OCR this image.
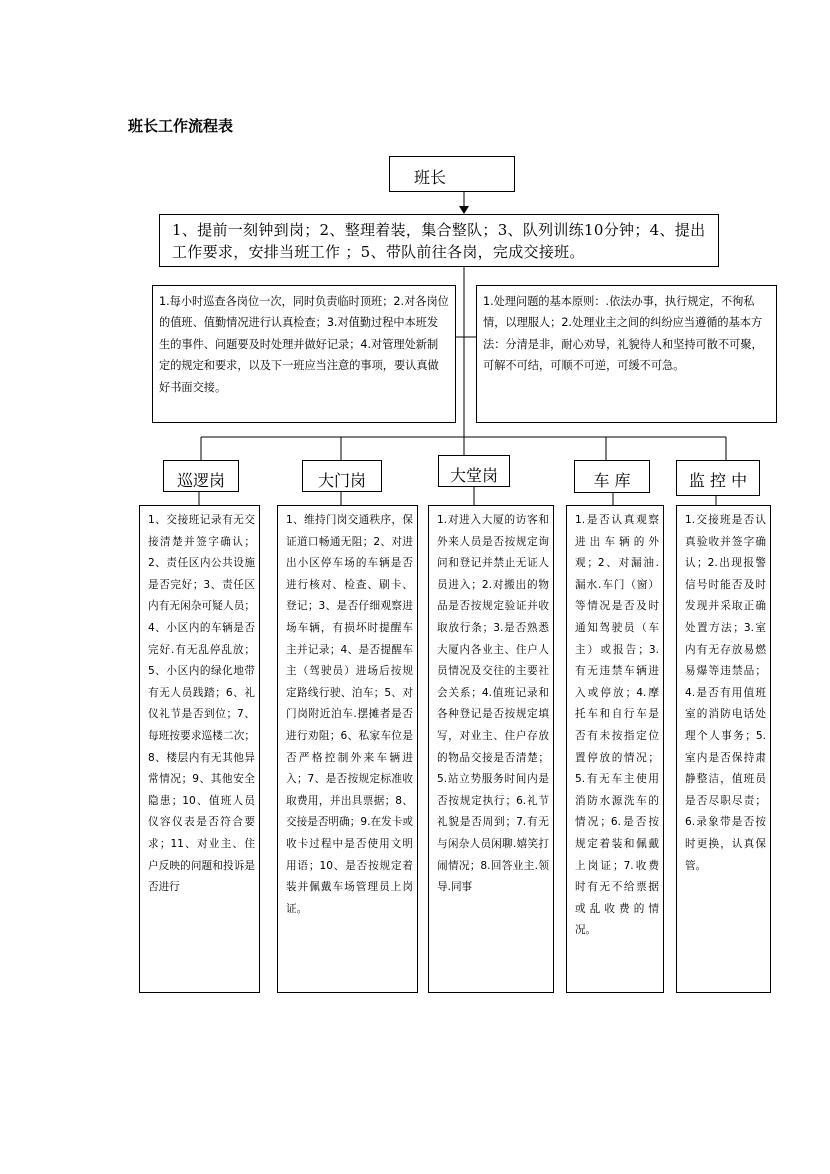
班长工作流程表
班长
1、提前一刻钟到岗；2、整理着装，集合整队；3、队列训练10分钟；4、提出工作要求，安排当班工作 ；5、带队前往各岗，完成交接班。
1.每小时巡查各岗位一次，同时负责临时顶班；2.对各岗位的值班、值勤情况进行认真检查；3.对值勤过程中本班发生的事件、问题要及时处理并做好记录；4.对管理处新制定的规定和要求，以及下一班应当注意的事项，要认真做好书面交接。
1.处理问题的基本原则：.依法办事，执行规定，不徇私情，以理服人；2.处理业主之间的纠纷应当遵循的基本方法：分清是非，耐心劝导，礼貌待人和坚持可散不可聚，可解不可结，可顺不可逆，可缓不可急。
巡逻岗	大门岗	大堂岗	车 库	监 控 中
1、交接班记录有无交接清楚并签字确认；2、责任区内公共设施是否完好；3、责任区内有无闲杂可疑人员；4、小区内的车辆是否完好.有无乱停乱放；5、小区内的绿化地带有无人员践踏；6、礼仪礼节是否到位；7、每班按要求巡楼二次；8、楼层内有无其他异常情况；9、其他安全隐患；10、值班人员仪容仪表是否符合要求；11、对业主、住户反映的问题和投诉是否进行
1、维持门岗交通秩序，保证道口畅通无阻；2、对进出小区停车场的车辆是否进行核对、检查、刷卡、登记；3、是否仔细观察进场车辆，有损坏时提醒车主并记录；4、是否提醒车主（驾驶员）进场后按规定路线行驶、泊车；5、对门岗附近泊车.摆摊者是否进行劝阻；6、私家车位是否严格控制外来车辆进入；7、是否按规定标准收取费用，并出具票据；8、交接是否明确；9.在发卡或收卡过程中是否使用文明用语；10、是否按规定着装并佩戴车场管理员上岗证。
1.对进入大厦的访客和外来人员是否按规定询问和登记并禁止无证人员进入；2.对搬出的物品是否按规定验证并收取放行条；3.是否熟悉大厦内各业主、住户人员情况及交往的主要社会关系；4.值班记录和各种登记是否按规定填写，对业主、住户存放的物品交接是否清楚；5.站立势服务时间内是否按规定执行；6.礼节礼貌是否周到；7.有无与闲杂人员闲聊.嬉笑打闹情况；8.回答业主.领导.同事
1.是否认真观察进出车辆的外观；2、对漏油.漏水.车门（窗）等情况是否及时通知驾驶员（车主）或报告；3.有无违禁车辆进入或停放；4.摩托车和自行车是否有未按指定位置停放的情况；5.有无车主使用消防水源洗车的情况；6.是否按规定着装和佩戴上岗证；7.收费时有无不给票据或乱收费的情况。
1.交接班是否认真验收并签字确认；2.出现报警信号时能否及时发现并采取正确处置方法；3.室内有无存放易燃易爆等违禁品；4.是否有用值班室的消防电话处理个人事务；5.室内是否保持肃静整洁，值班员是否尽职尽责；6.录象带是否按时更换，认真保管。
